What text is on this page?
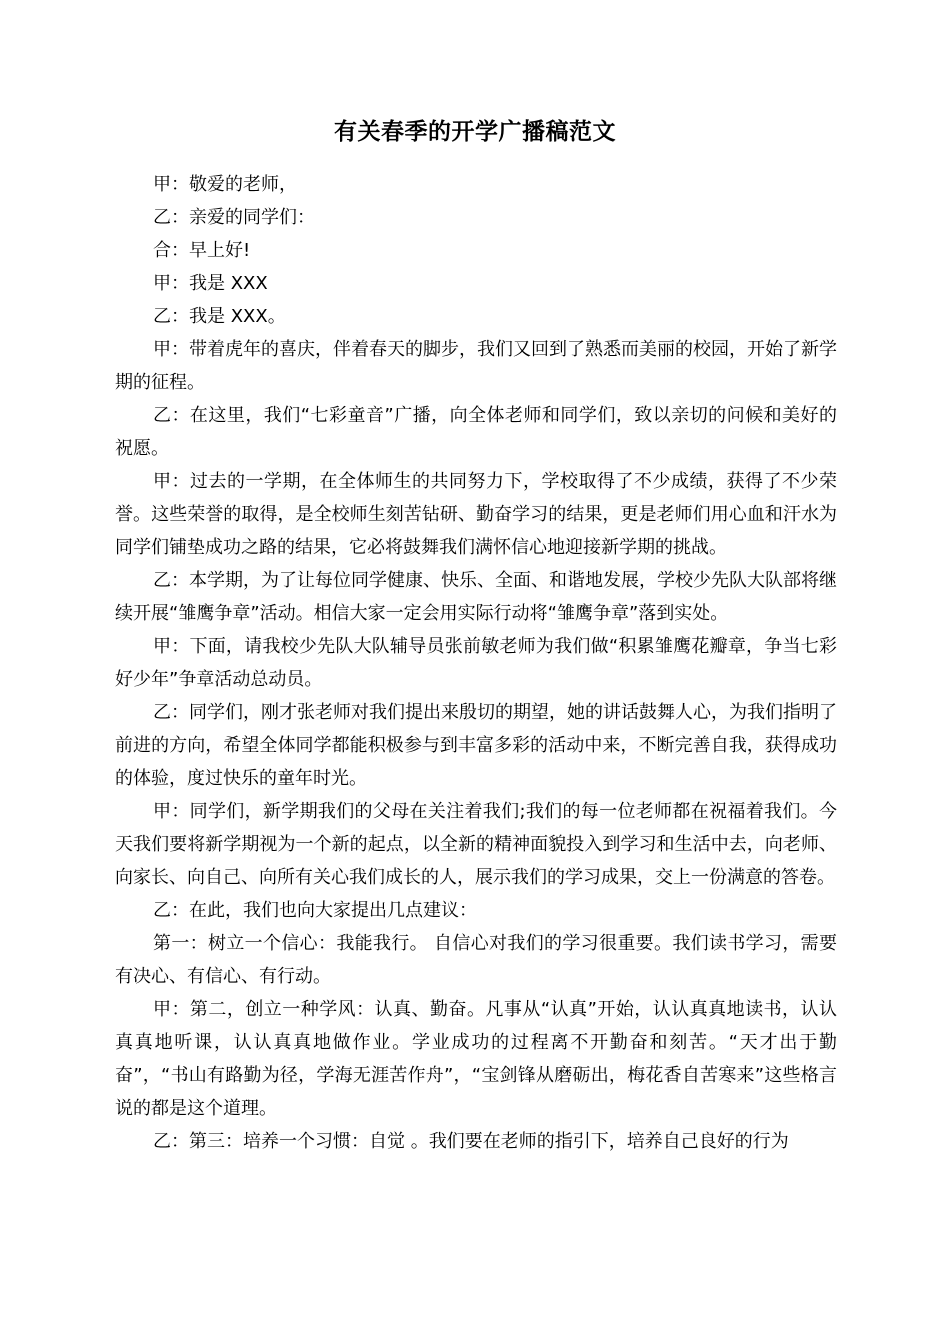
有关春季的开学广播稿范文

甲：敬爱的老师，

乙：亲爱的同学们：

合：早上好!

甲：我是 XXX

乙：我是 XXX。

甲：带着虎年的喜庆，伴着春天的脚步，我们又回到了熟悉而美丽的校园，开始了新学期的征程。

乙：在这里，我们“七彩童音”广播，向全体老师和同学们，致以亲切的问候和美好的祝愿。

甲：过去的一学期，在全体师生的共同努力下，学校取得了不少成绩，获得了不少荣誉。这些荣誉的取得，是全校师生刻苦钻研、勤奋学习的结果，更是老师们用心血和汗水为同学们铺垫成功之路的结果，它必将鼓舞我们满怀信心地迎接新学期的挑战。

乙：本学期，为了让每位同学健康、快乐、全面、和谐地发展，学校少先队大队部将继续开展“雏鹰争章”活动。相信大家一定会用实际行动将“雏鹰争章”落到实处。

甲：下面，请我校少先队大队辅导员张前敏老师为我们做“积累雏鹰花瓣章，争当七彩好少年”争章活动总动员。

乙：同学们，刚才张老师对我们提出来殷切的期望，她的讲话鼓舞人心，为我们指明了前进的方向，希望全体同学都能积极参与到丰富多彩的活动中来，不断完善自我，获得成功的体验，度过快乐的童年时光。

甲：同学们，新学期我们的父母在关注着我们;我们的每一位老师都在祝福着我们。今天我们要将新学期视为一个新的起点，以全新的精神面貌投入到学习和生活中去，向老师、向家长、向自己、向所有关心我们成长的人，展示我们的学习成果，交上一份满意的答卷。

乙：在此，我们也向大家提出几点建议：

第一：树立一个信心：我能我行。 自信心对我们的学习很重要。我们读书学习，需要有决心、有信心、有行动。

甲：第二，创立一种学风：认真、勤奋。凡事从“认真”开始，认认真真地读书，认认真真地听课，认认真真地做作业。学业成功的过程离不开勤奋和刻苦。“天才出于勤奋”，“书山有路勤为径，学海无涯苦作舟”，“宝剑锋从磨砺出，梅花香自苦寒来”这些格言说的都是这个道理。

乙：第三：培养一个习惯：自觉 。我们要在老师的指引下，培养自己良好的行为
